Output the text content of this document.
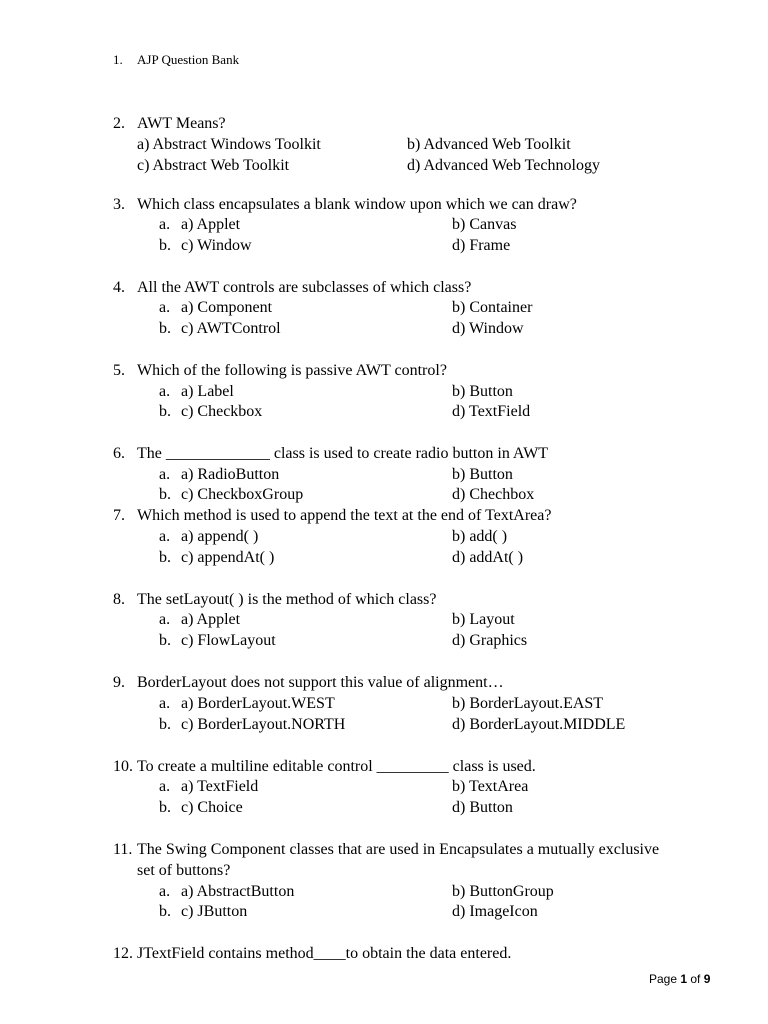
1. AJP Question Bank
2. AWT Means?
a) Abstract Windows Toolkit	b) Advanced Web Toolkit
c) Abstract Web Toolkit	d) Advanced Web Technology
3. Which class encapsulates a blank window upon which we can draw?
a. a) Applet	b) Canvas
b. c) Window	d) Frame
4. All the AWT controls are subclasses of which class?
a. a) Component	b) Container
b. c) AWTControl	d) Window
5. Which of the following is passive AWT control?
a. a) Label	b) Button
b. c) Checkbox	d) TextField
6. The _____________ class is used to create radio button in AWT
a. a) RadioButton	b) Button
b. c) CheckboxGroup	d) Chechbox
7. Which method is used to append the text at the end of TextArea?
a. a) append( )	b) add( )
b. c) appendAt( )	d) addAt( )
8. The setLayout( ) is the method of which class?
a. a) Applet	b) Layout
b. c) FlowLayout	d) Graphics
9. BorderLayout does not support this value of alignment…
a. a) BorderLayout.WEST	b) BorderLayout.EAST
b. c) BorderLayout.NORTH	d) BorderLayout.MIDDLE
10. To create a multiline editable control _________ class is used.
a. a) TextField	b) TextArea
b. c) Choice	d) Button
11. The Swing Component classes that are used in Encapsulates a mutually exclusive
set of buttons?
a. a) AbstractButton	b) ButtonGroup
b. c) JButton	d) ImageIcon
12. JTextField contains method____to obtain the data entered.
Page 1 of 9
